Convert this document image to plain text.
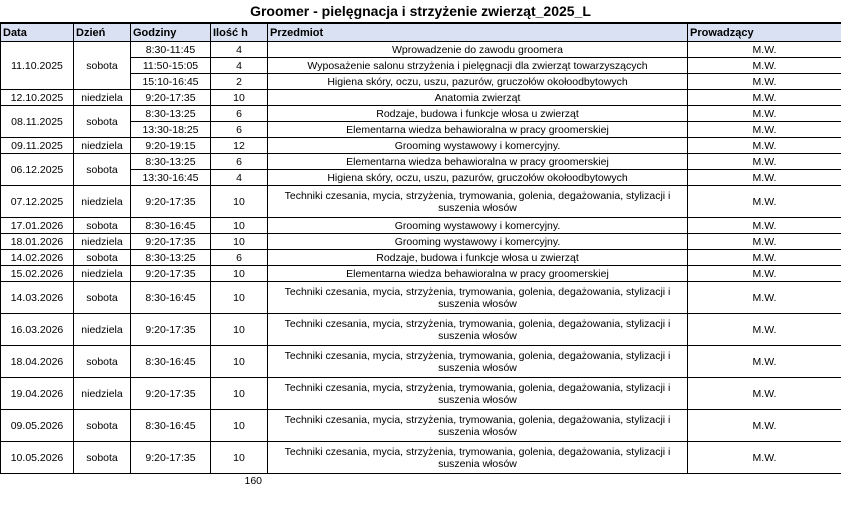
Groomer - pielęgnacja i strzyżenie zwierząt_2025_L
Data	Dzień	Godziny	Ilość h	Przedmiot	Prowadzący
11.10.2025	sobota	8:30-11:45	4	Wprowadzenie do zawodu groomera	M.W.
		11:50-15:05	4	Wyposażenie salonu strzyżenia i pielęgnacji dla zwierząt towarzyszących	M.W.
		15:10-16:45	2	Higiena skóry, oczu, uszu, pazurów, gruczołów okołoodbytowych	M.W.
12.10.2025	niedziela	9:20-17:35	10	Anatomia zwierząt	M.W.
08.11.2025	sobota	8:30-13:25	6	Rodzaje, budowa i funkcje włosa u zwierząt	M.W.
		13:30-18:25	6	Elementarna wiedza behawioralna w pracy groomerskiej	M.W.
09.11.2025	niedziela	9:20-19:15	12	Grooming wystawowy i komercyjny.	M.W.
06.12.2025	sobota	8:30-13:25	6	Elementarna wiedza behawioralna w pracy groomerskiej	M.W.
		13:30-16:45	4	Higiena skóry, oczu, uszu, pazurów, gruczołów okołoodbytowych	M.W.
07.12.2025	niedziela	9:20-17:35	10	Techniki czesania, mycia, strzyżenia, trymowania, golenia, degażowania, stylizacji i suszenia włosów	M.W.
17.01.2026	sobota	8:30-16:45	10	Grooming wystawowy i komercyjny.	M.W.
18.01.2026	niedziela	9:20-17:35	10	Grooming wystawowy i komercyjny.	M.W.
14.02.2026	sobota	8:30-13:25	6	Rodzaje, budowa i funkcje włosa u zwierząt	M.W.
15.02.2026	niedziela	9:20-17:35	10	Elementarna wiedza behawioralna w pracy groomerskiej	M.W.
14.03.2026	sobota	8:30-16:45	10	Techniki czesania, mycia, strzyżenia, trymowania, golenia, degażowania, stylizacji i suszenia włosów	M.W.
16.03.2026	niedziela	9:20-17:35	10	Techniki czesania, mycia, strzyżenia, trymowania, golenia, degażowania, stylizacji i suszenia włosów	M.W.
18.04.2026	sobota	8:30-16:45	10	Techniki czesania, mycia, strzyżenia, trymowania, golenia, degażowania, stylizacji i suszenia włosów	M.W.
19.04.2026	niedziela	9:20-17:35	10	Techniki czesania, mycia, strzyżenia, trymowania, golenia, degażowania, stylizacji i suszenia włosów	M.W.
09.05.2026	sobota	8:30-16:45	10	Techniki czesania, mycia, strzyżenia, trymowania, golenia, degażowania, stylizacji i suszenia włosów	M.W.
10.05.2026	sobota	9:20-17:35	10	Techniki czesania, mycia, strzyżenia, trymowania, golenia, degażowania, stylizacji i suszenia włosów	M.W.
			160		
